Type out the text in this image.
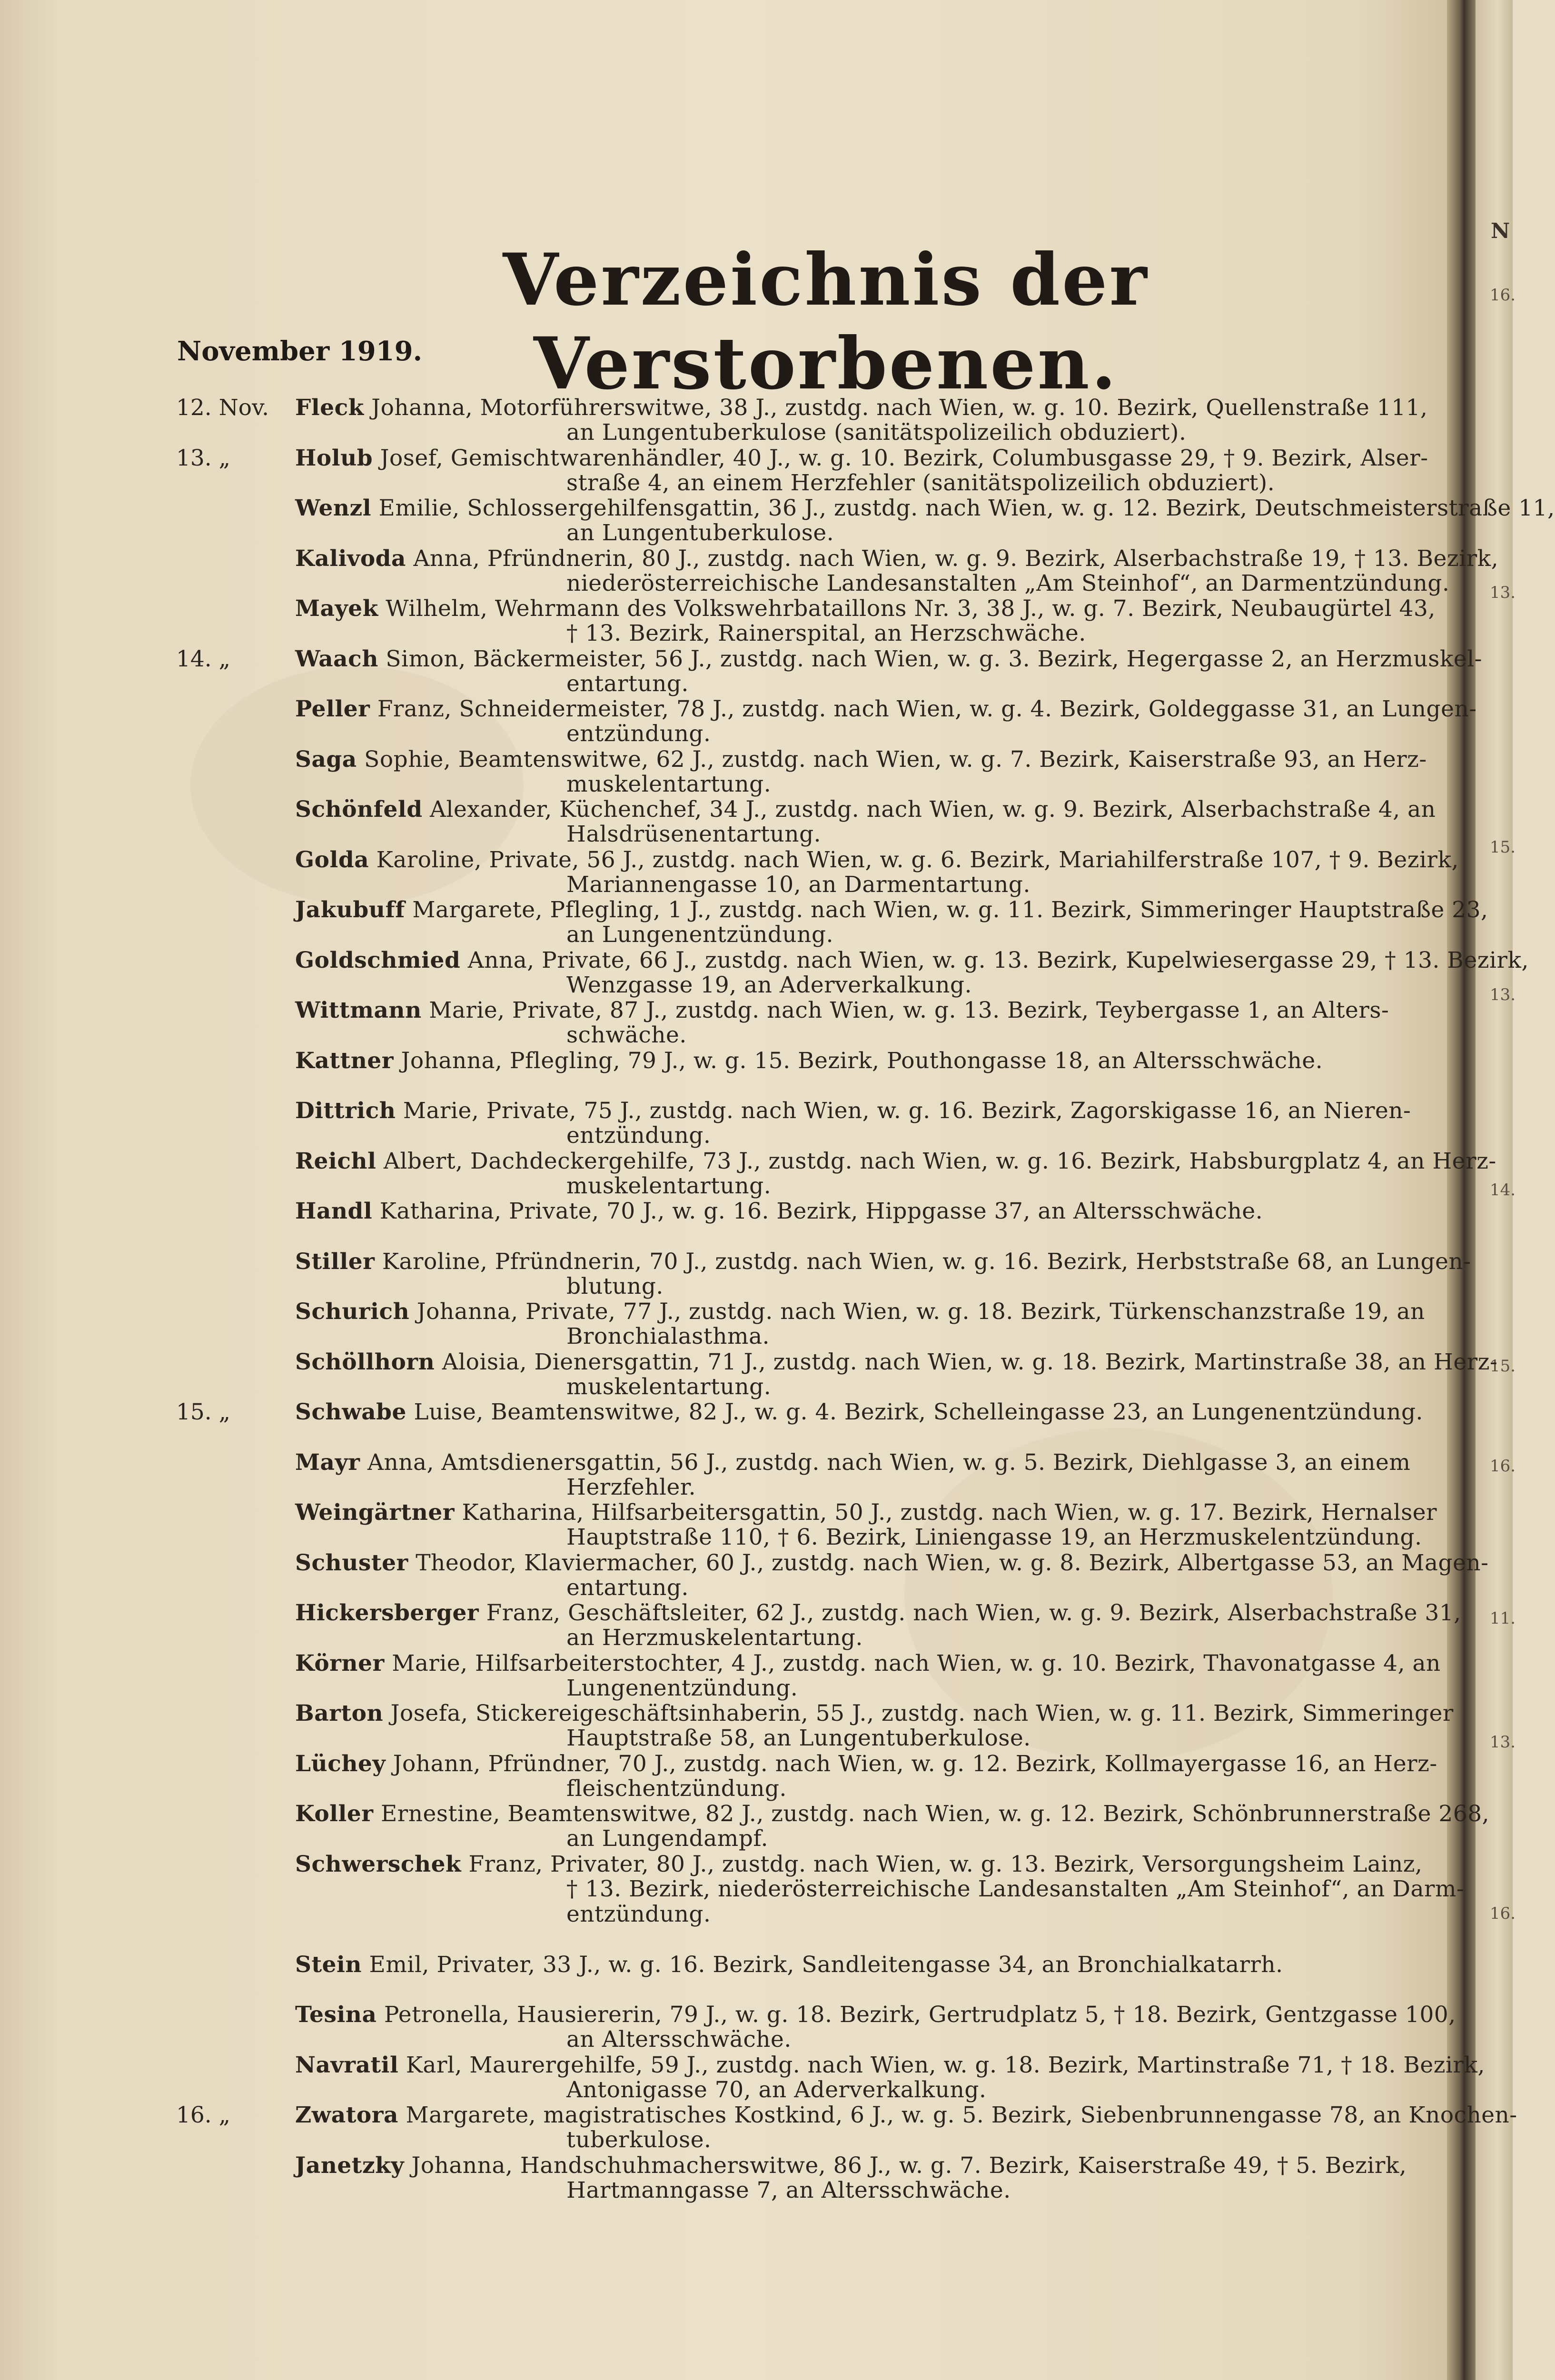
N
16.
13.
15.
13.
14.
15.
16.
11.
13.
16.
Verzeichnis der Verstorbenen.
November 1919.
12. Nov. Fleck Johanna, Motorführerswitwe, 38 J., zustdg. nach Wien, w. g. 10. Bezirk, Quellenstraße 111,
an Lungentuberkulose (sanitätspolizeilich obduziert).
13. „	Holub Josef, Gemischtwarenhändler, 40 J., w. g. 10. Bezirk, Columbusgasse 29, † 9. Bezirk, Alser-
straße 4, an einem Herzfehler (sanitätspolizeilich obduziert).
Wenzl Emilie, Schlossergehilfensgattin, 36 J., zustdg. nach Wien, w. g. 12. Bezirk, Deutschmeisterstraße 11,
an Lungentuberkulose.
Kalivoda Anna, Pfründnerin, 80 J., zustdg. nach Wien, w. g. 9. Bezirk, Alserbachstraße 19, † 13. Bezirk,
niederösterreichische Landesanstalten „Am Steinhof“, an Darmentzündung.
Mayek Wilhelm, Wehrmann des Volkswehrbataillons Nr. 3, 38 J., w. g. 7. Bezirk, Neubaugürtel 43,
† 13. Bezirk, Rainerspital, an Herzschwäche.
14. „	Waach Simon, Bäckermeister, 56 J., zustdg. nach Wien, w. g. 3. Bezirk, Hegergasse 2, an Herzmuskel-
entartung.
Peller Franz, Schneidermeister, 78 J., zustdg. nach Wien, w. g. 4. Bezirk, Goldeggasse 31, an Lungen-
entzündung.
Saga Sophie, Beamtenswitwe, 62 J., zustdg. nach Wien, w. g. 7. Bezirk, Kaiserstraße 93, an Herz-
muskelentartung.
Schönfeld Alexander, Küchenchef, 34 J., zustdg. nach Wien, w. g. 9. Bezirk, Alserbachstraße 4, an
Halsdrüsenentartung.
Golda Karoline, Private, 56 J., zustdg. nach Wien, w. g. 6. Bezirk, Mariahilferstraße 107, † 9. Bezirk,
Mariannengasse 10, an Darmentartung.
Jakubuff Margarete, Pflegling, 1 J., zustdg. nach Wien, w. g. 11. Bezirk, Simmeringer Hauptstraße 23,
an Lungenentzündung.
Goldschmied Anna, Private, 66 J., zustdg. nach Wien, w. g. 13. Bezirk, Kupelwiesergasse 29, † 13. Bezirk,
Wenzgasse 19, an Aderverkalkung.
Wittmann Marie, Private, 87 J., zustdg. nach Wien, w. g. 13. Bezirk, Teybergasse 1, an Alters-
schwäche.
Kattner Johanna, Pflegling, 79 J., w. g. 15. Bezirk, Pouthongasse 18, an Altersschwäche.
Dittrich Marie, Private, 75 J., zustdg. nach Wien, w. g. 16. Bezirk, Zagorskigasse 16, an Nieren-
entzündung.
Reichl Albert, Dachdeckergehilfe, 73 J., zustdg. nach Wien, w. g. 16. Bezirk, Habsburgplatz 4, an Herz-
muskelentartung.
Handl Katharina, Private, 70 J., w. g. 16. Bezirk, Hippgasse 37, an Altersschwäche.
Stiller Karoline, Pfründnerin, 70 J., zustdg. nach Wien, w. g. 16. Bezirk, Herbststraße 68, an Lungen-
blutung.
Schurich Johanna, Private, 77 J., zustdg. nach Wien, w. g. 18. Bezirk, Türkenschanzstraße 19, an
Bronchialasthma.
Schöllhorn Aloisia, Dienersgattin, 71 J., zustdg. nach Wien, w. g. 18. Bezirk, Martinstraße 38, an Herz-
muskelentartung.
15. „	Schwabe Luise, Beamtenswitwe, 82 J., w. g. 4. Bezirk, Schelleingasse 23, an Lungenentzündung.
Mayr Anna, Amtsdienersgattin, 56 J., zustdg. nach Wien, w. g. 5. Bezirk, Diehlgasse 3, an einem
Herzfehler.
Weingärtner Katharina, Hilfsarbeitersgattin, 50 J., zustdg. nach Wien, w. g. 17. Bezirk, Hernalser
Hauptstraße 110, † 6. Bezirk, Liniengasse 19, an Herzmuskelentzündung.
Schuster Theodor, Klaviermacher, 60 J., zustdg. nach Wien, w. g. 8. Bezirk, Albertgasse 53, an Magen-
entartung.
Hickersberger Franz, Geschäftsleiter, 62 J., zustdg. nach Wien, w. g. 9. Bezirk, Alserbachstraße 31,
an Herzmuskelentartung.
Körner Marie, Hilfsarbeiterstochter, 4 J., zustdg. nach Wien, w. g. 10. Bezirk, Thavonatgasse 4, an
Lungenentzündung.
Barton Josefa, Stickereigeschäftsinhaberin, 55 J., zustdg. nach Wien, w. g. 11. Bezirk, Simmeringer
Hauptstraße 58, an Lungentuberkulose.
Lüchey Johann, Pfründner, 70 J., zustdg. nach Wien, w. g. 12. Bezirk, Kollmayergasse 16, an Herz-
fleischentzündung.
Koller Ernestine, Beamtenswitwe, 82 J., zustdg. nach Wien, w. g. 12. Bezirk, Schönbrunnerstraße 268,
an Lungendampf.
Schwerschek Franz, Privater, 80 J., zustdg. nach Wien, w. g. 13. Bezirk, Versorgungsheim Lainz,
† 13. Bezirk, niederösterreichische Landesanstalten „Am Steinhof“, an Darm-
entzündung.
Stein Emil, Privater, 33 J., w. g. 16. Bezirk, Sandleitengasse 34, an Bronchialkatarrh.
Tesina Petronella, Hausiererin, 79 J., w. g. 18. Bezirk, Gertrudplatz 5, † 18. Bezirk, Gentzgasse 100,
an Altersschwäche.
Navratil Karl, Maurergehilfe, 59 J., zustdg. nach Wien, w. g. 18. Bezirk, Martinstraße 71, † 18. Bezirk,
Antonigasse 70, an Aderverkalkung.
16. „	Zwatora Margarete, magistratisches Kostkind, 6 J., w. g. 5. Bezirk, Siebenbrunnengasse 78, an Knochen-
tuberkulose.
Janetzky Johanna, Handschuhmacherswitwe, 86 J., w. g. 7. Bezirk, Kaiserstraße 49, † 5. Bezirk,
Hartmanngasse 7, an Altersschwäche.
